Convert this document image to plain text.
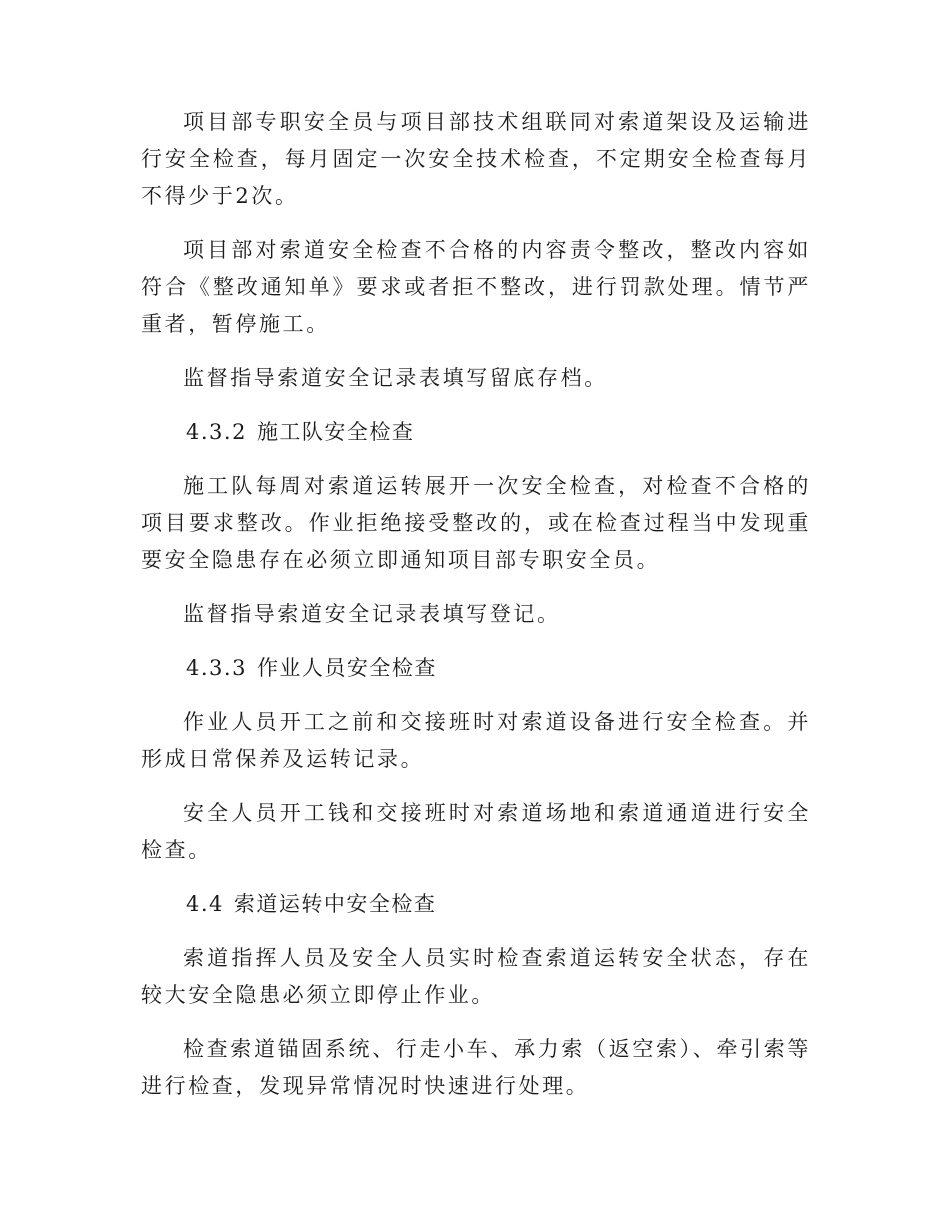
项目部专职安全员与项目部技术组联同对索道架设及运输进行安全检查，每月固定一次安全技术检查，不定期安全检查每月不得少于2次。

项目部对索道安全检查不合格的内容责令整改，整改内容如符合《整改通知单》要求或者拒不整改，进行罚款处理。情节严重者，暂停施工。

监督指导索道安全记录表填写留底存档。

4.3.2 施工队安全检查

施工队每周对索道运转展开一次安全检查，对检查不合格的项目要求整改。作业拒绝接受整改的，或在检查过程当中发现重要安全隐患存在必须立即通知项目部专职安全员。

监督指导索道安全记录表填写登记。

4.3.3 作业人员安全检查

作业人员开工之前和交接班时对索道设备进行安全检查。并形成日常保养及运转记录。

安全人员开工钱和交接班时对索道场地和索道通道进行安全检查。

4.4 索道运转中安全检查

索道指挥人员及安全人员实时检查索道运转安全状态，存在较大安全隐患必须立即停止作业。

检查索道锚固系统、行走小车、承力索（返空索）、牵引索等进行检查，发现异常情况时快速进行处理。
